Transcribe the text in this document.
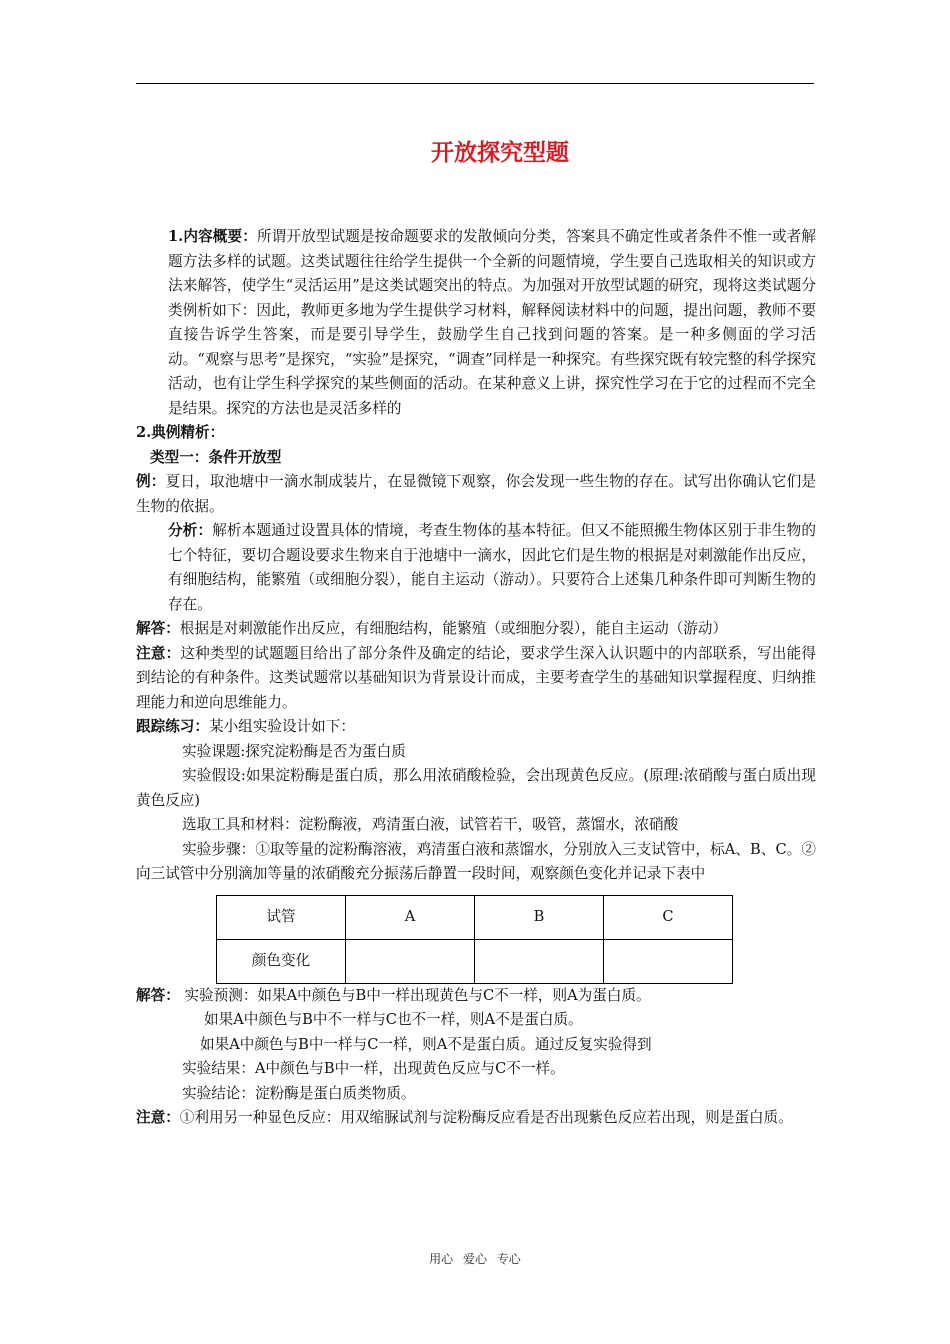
开放探究型题

1.内容概要：所谓开放型试题是按命题要求的发散倾向分类，答案具不确定性或者条件不惟一或者解题方法多样的试题。这类试题往往给学生提供一个全新的问题情境，学生要自己选取相关的知识或方法来解答，使学生“灵活运用”是这类试题突出的特点。为加强对开放型试题的研究，现将这类试题分类例析如下：因此，教师更多地为学生提供学习材料，解释阅读材料中的问题，提出问题，教师不要直接告诉学生答案，而是要引导学生，鼓励学生自己找到问题的答案。是一种多侧面的学习活动。“观察与思考”是探究，“实验”是探究，“调查”同样是一种探究。有些探究既有较完整的科学探究活动，也有让学生科学探究的某些侧面的活动。在某种意义上讲，探究性学习在于它的过程而不完全是结果。探究的方法也是灵活多样的

2.典例精析：

类型一：条件开放型

例：夏日，取池塘中一滴水制成装片，在显微镜下观察，你会发现一些生物的存在。试写出你确认它们是生物的依据。

分析：解析本题通过设置具体的情境，考查生物体的基本特征。但又不能照搬生物体区别于非生物的七个特征，要切合题设要求生物来自于池塘中一滴水，因此它们是生物的根据是对刺激能作出反应，有细胞结构，能繁殖（或细胞分裂），能自主运动（游动）。只要符合上述集几种条件即可判断生物的存在。

解答：根据是对刺激能作出反应，有细胞结构，能繁殖（或细胞分裂），能自主运动（游动）

注意：这种类型的试题题目给出了部分条件及确定的结论，要求学生深入认识题中的内部联系，写出能得到结论的有种条件。这类试题常以基础知识为背景设计而成，主要考查学生的基础知识掌握程度、归纳推理能力和逆向思维能力。

跟踪练习：某小组实验设计如下：

实验课题:探究淀粉酶是否为蛋白质

实验假设:如果淀粉酶是蛋白质，那么用浓硝酸检验，会出现黄色反应。(原理:浓硝酸与蛋白质出现黄色反应)

选取工具和材料：淀粉酶液，鸡清蛋白液，试管若干，吸管，蒸馏水，浓硝酸

实验步骤：①取等量的淀粉酶溶液，鸡清蛋白液和蒸馏水，分别放入三支试管中，标A、B、C。②向三试管中分别滴加等量的浓硝酸充分振荡后静置一段时间，观察颜色变化并记录下表中

试管	A	B	C
颜色变化			

解答： 实验预测：如果A中颜色与B中一样出现黄色与C不一样，则A为蛋白质。

如果A中颜色与B中不一样与C也不一样，则A不是蛋白质。

如果A中颜色与B中一样与C一样，则A不是蛋白质。通过反复实验得到

实验结果：A中颜色与B中一样，出现黄色反应与C不一样。

实验结论：淀粉酶是蛋白质类物质。

注意：①利用另一种显色反应：用双缩脲试剂与淀粉酶反应看是否出现紫色反应若出现，则是蛋白质。

用心 爱心 专心
